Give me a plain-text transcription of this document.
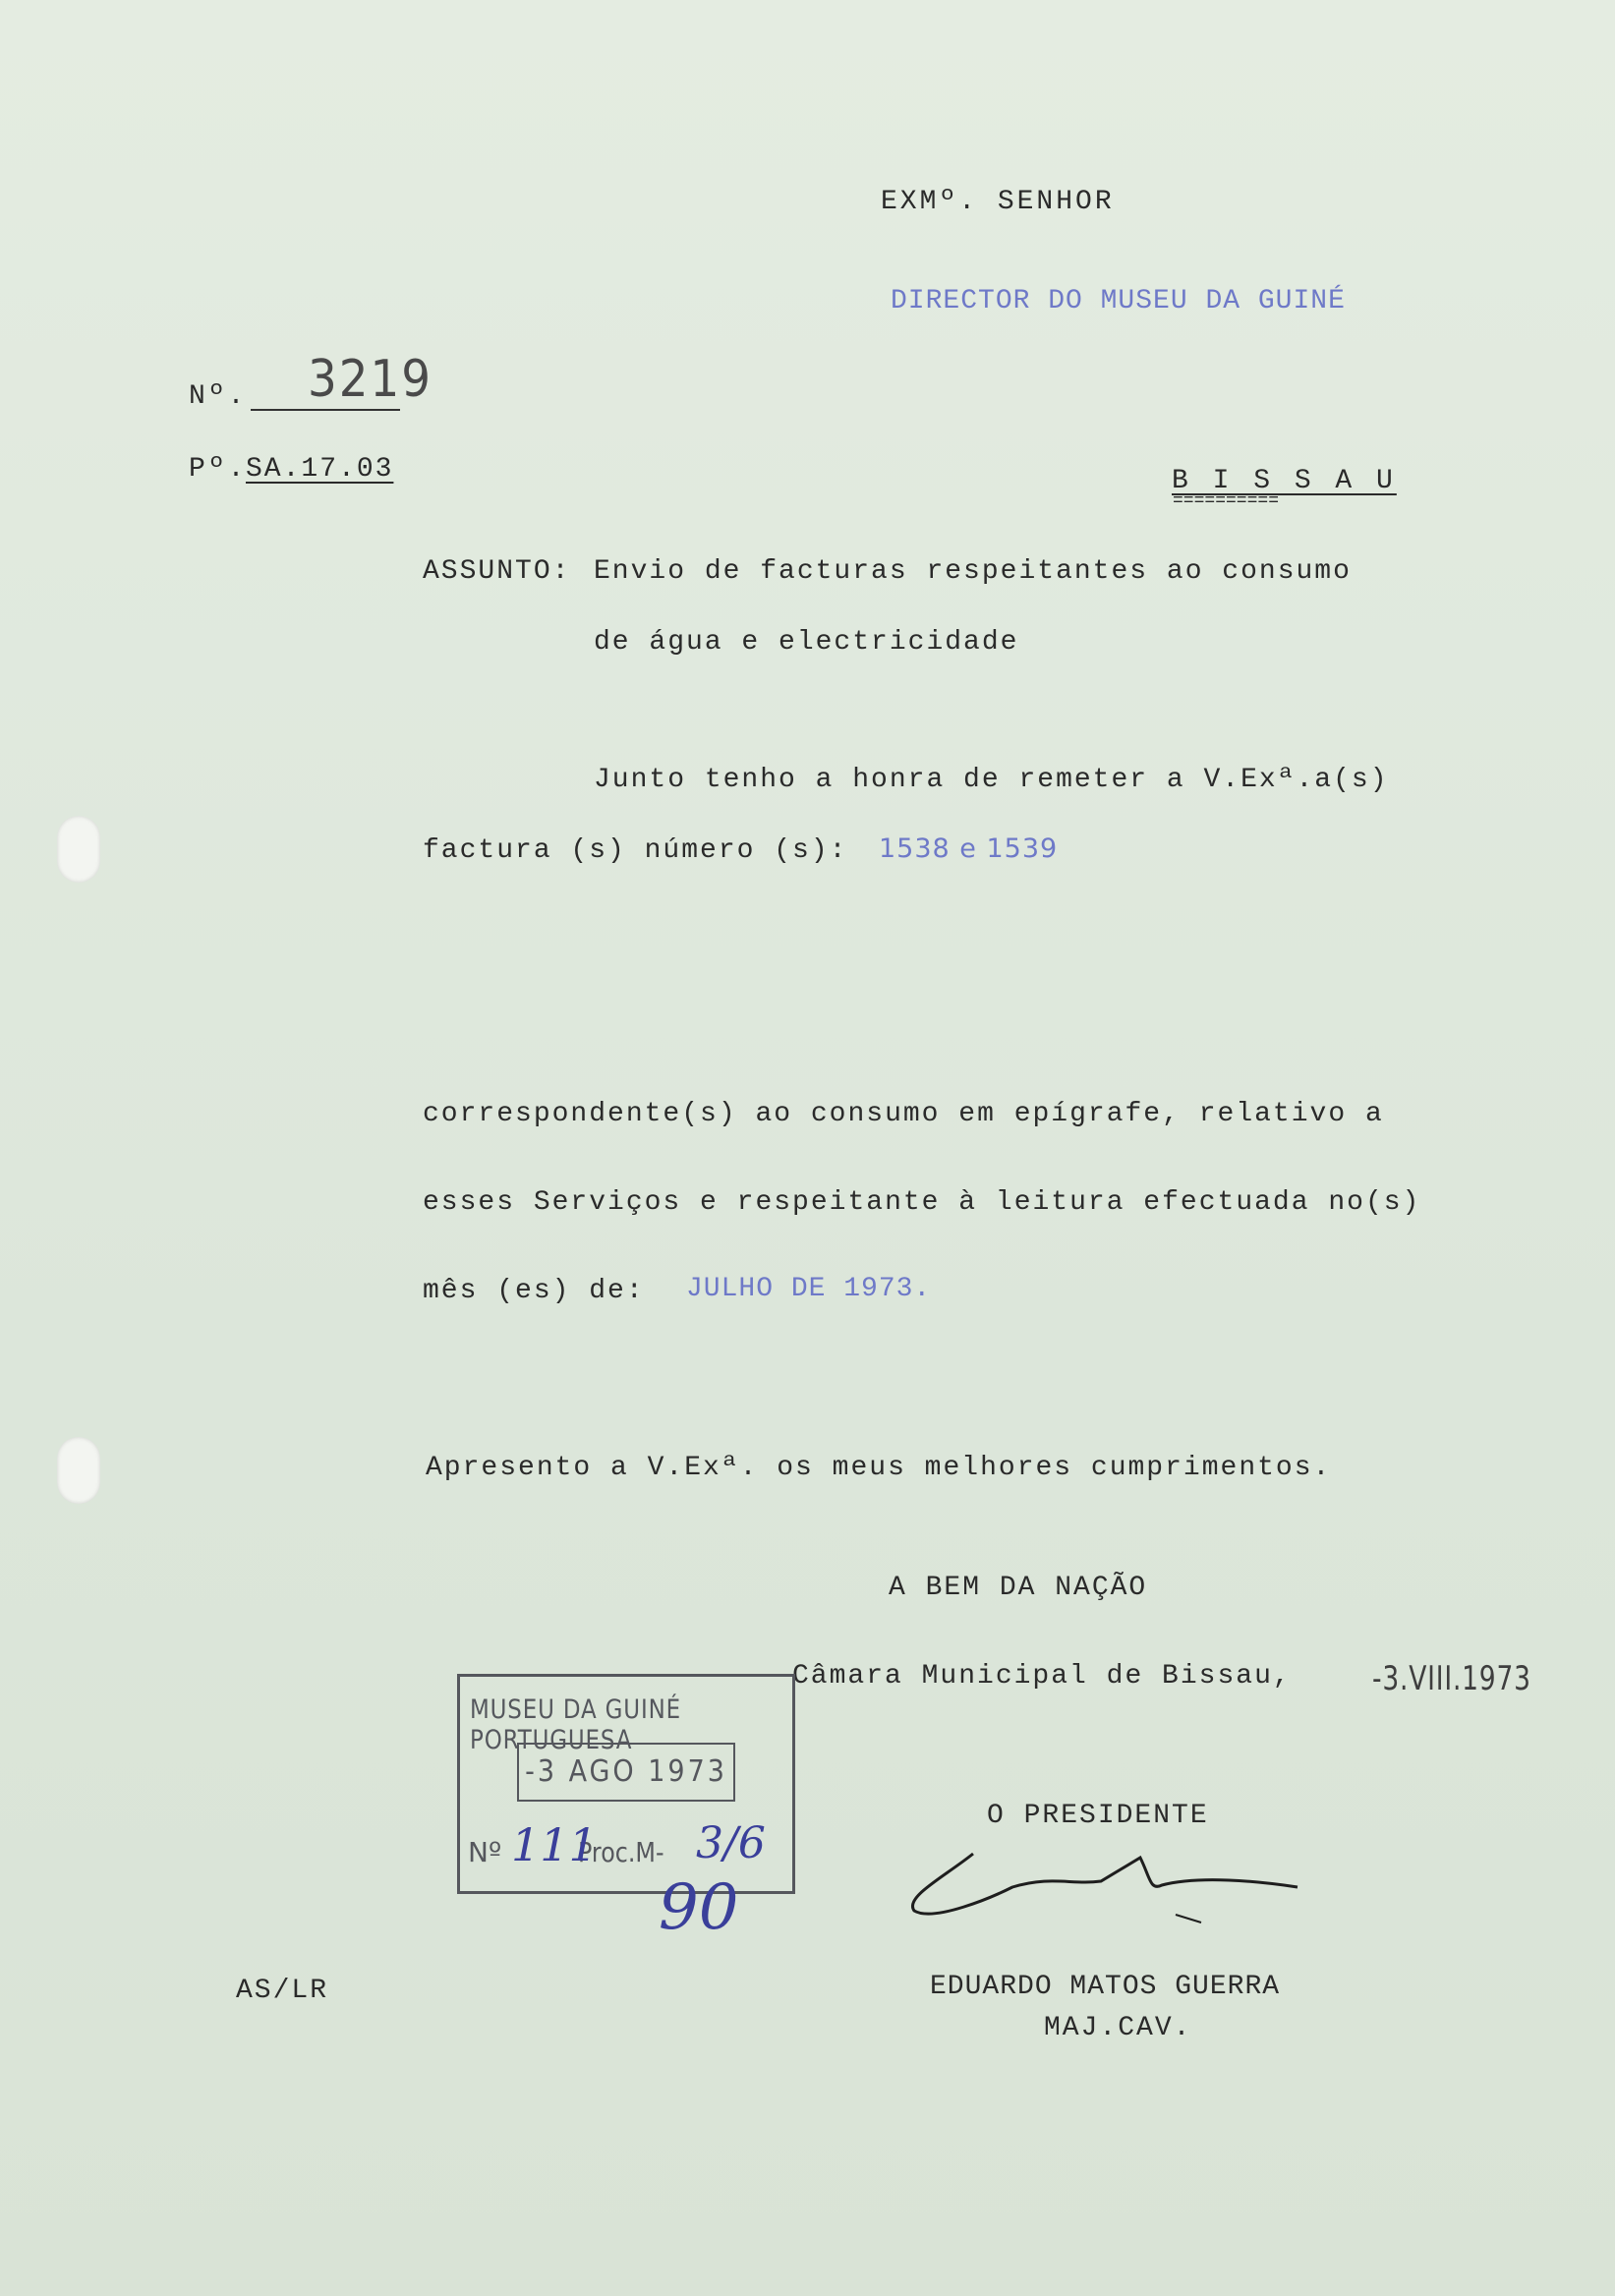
EXMº. SENHOR
DIRECTOR DO MUSEU DA GUINÉ
Nº. 3219
Pº.
SA.17.03	B I S S A U
==========
ASSUNTO: Envio de facturas respeitantes ao consumo
de água e electricidade
Junto tenho a honra de remeter a V.Exª.a(s)
factura (s) número (s): 1538 e 1539
correspondente(s) ao consumo em epígrafe, relativo a
esses Serviços e respeitante à leitura efectuada no(s)
mês (es) de: JULHO DE 1973.
Apresento a V.Exª. os meus melhores cumprimentos.
A BEM DA NAÇÃO
Câmara Municipal de Bissau, -3.VIII.1973
O PRESIDENTE
EDUARDO MATOS GUERRA
MAJ.CAV.
AS/LR
MUSEU DA GUINÉ PORTUGUESA
-3 AGO 1973
Nº	Proc.M-
111 3/6
90
